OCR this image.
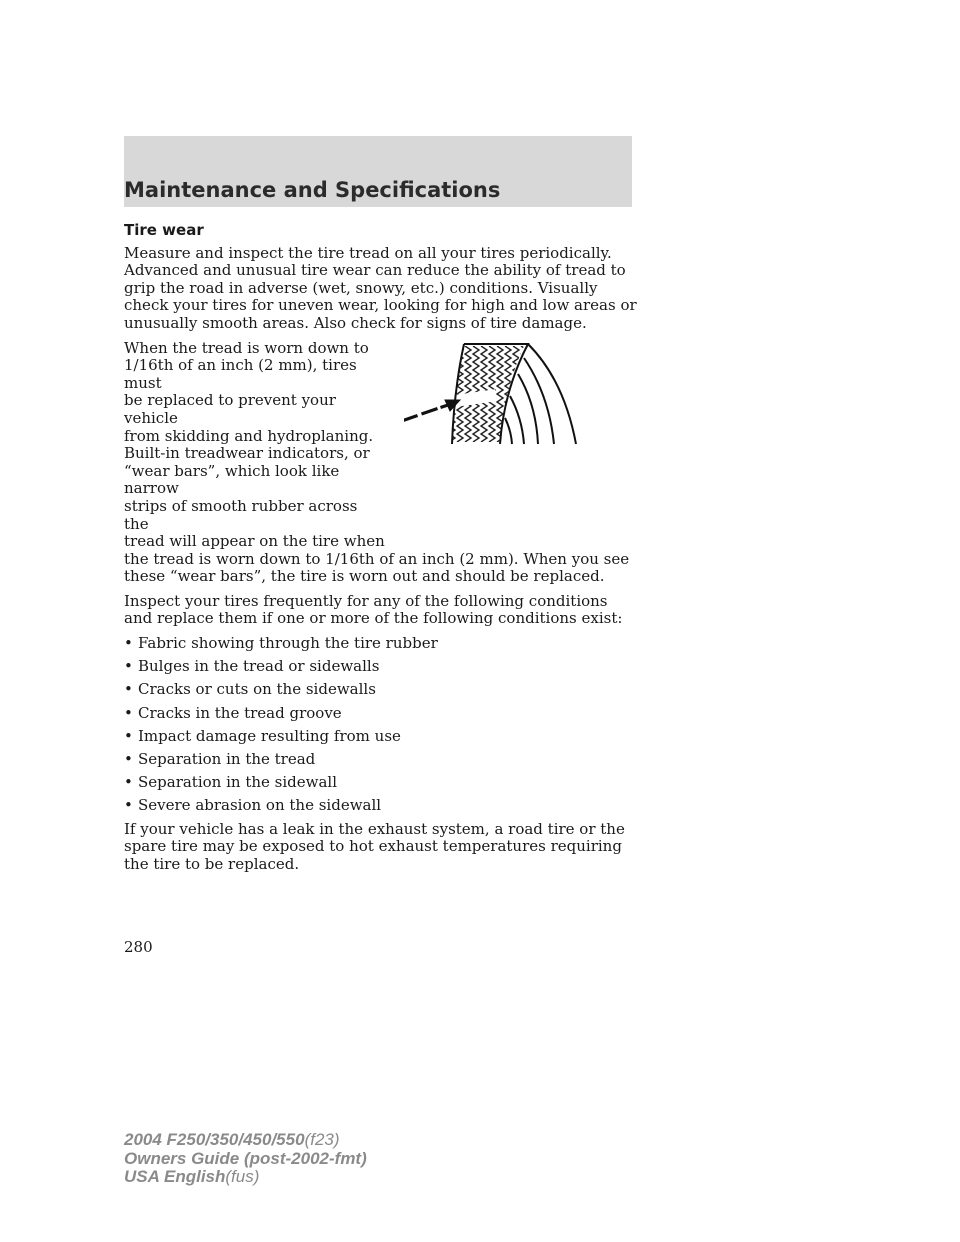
Maintenance and Specifications
Tire wear

Measure and inspect the tire tread on all your tires periodically. Advanced and unusual tire wear can reduce the ability of tread to grip the road in adverse (wet, snowy, etc.) conditions. Visually check your tires for uneven wear, looking for high and low areas or unusually smooth areas. Also check for signs of tire damage.

When the tread is worn down to
1/16th of an inch (2 mm), tires must
be replaced to prevent your vehicle
from skidding and hydroplaning.
Built-in treadwear indicators, or
“wear bars”, which look like narrow
strips of smooth rubber across the
tread will appear on the tire when

the tread is worn down to 1/16th of an inch (2 mm). When you see these “wear bars”, the tire is worn out and should be replaced.

Inspect your tires frequently for any of the following conditions and replace them if one or more of the following conditions exist:

• Fabric showing through the tire rubber
• Bulges in the tread or sidewalls
• Cracks or cuts on the sidewalls
• Cracks in the tread groove
• Impact damage resulting from use
• Separation in the tread
• Separation in the sidewall
• Severe abrasion on the sidewall

If your vehicle has a leak in the exhaust system, a road tire or the spare tire may be exposed to hot exhaust temperatures requiring the tire to be replaced.

280

2004 F250/350/450/550(f23)
Owners Guide (post-2002-fmt)
USA English(fus)
